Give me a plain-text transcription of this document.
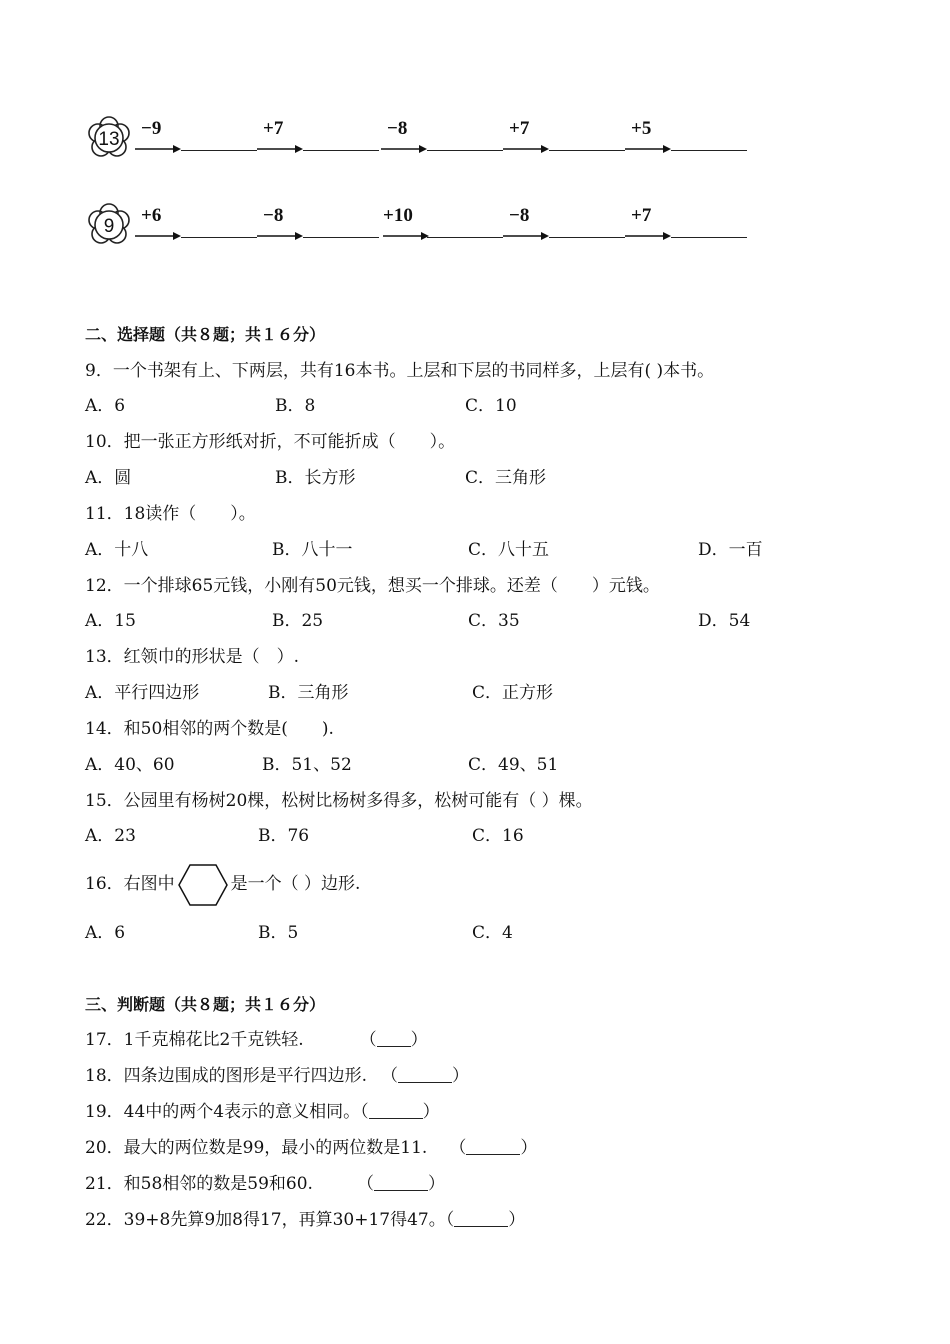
13
−9	+7	−8	+7	+5
9
+6	−8	+10	−8	+7
二、选择题（共８题；共１６分）
9．一个书架有上、下两层，共有16本书。上层和下层的书同样多，上层有( )本书。
A．6	B．8	C．10
10．把一张正方形纸对折，不可能折成（　　）。
A．圆	B．长方形	C．三角形
11．18读作（　　）。
A．十八	B．八十一	C．八十五	D．一百
12．一个排球65元钱，小刚有50元钱，想买一个排球。还差（　　）元钱。
A．15	B．25	C．35	D．54
13．红领巾的形状是（　）.
A．平行四边形	B．三角形	C．正方形
14．和50相邻的两个数是(　　).
A．40、60	B．51、52	C．49、51
15．公园里有杨树20棵，松树比杨树多得多，松树可能有（ ）棵。
A．23	B．76	C．16
16．右图中	是一个（ ）边形.
A．6	B．5	C．4
三、判断题（共８题；共１６分）
17．1千克棉花比2千克铁轻.	（ ）
18．四条边围成的图形是平行四边形. （	）
19．44中的两个4表示的意义相同。（	）
20．最大的两位数是99，最小的两位数是11. （	）
21．和58相邻的数是59和60.	（	）
22．39+8先算9加8得17，再算30+17得47。（	）
